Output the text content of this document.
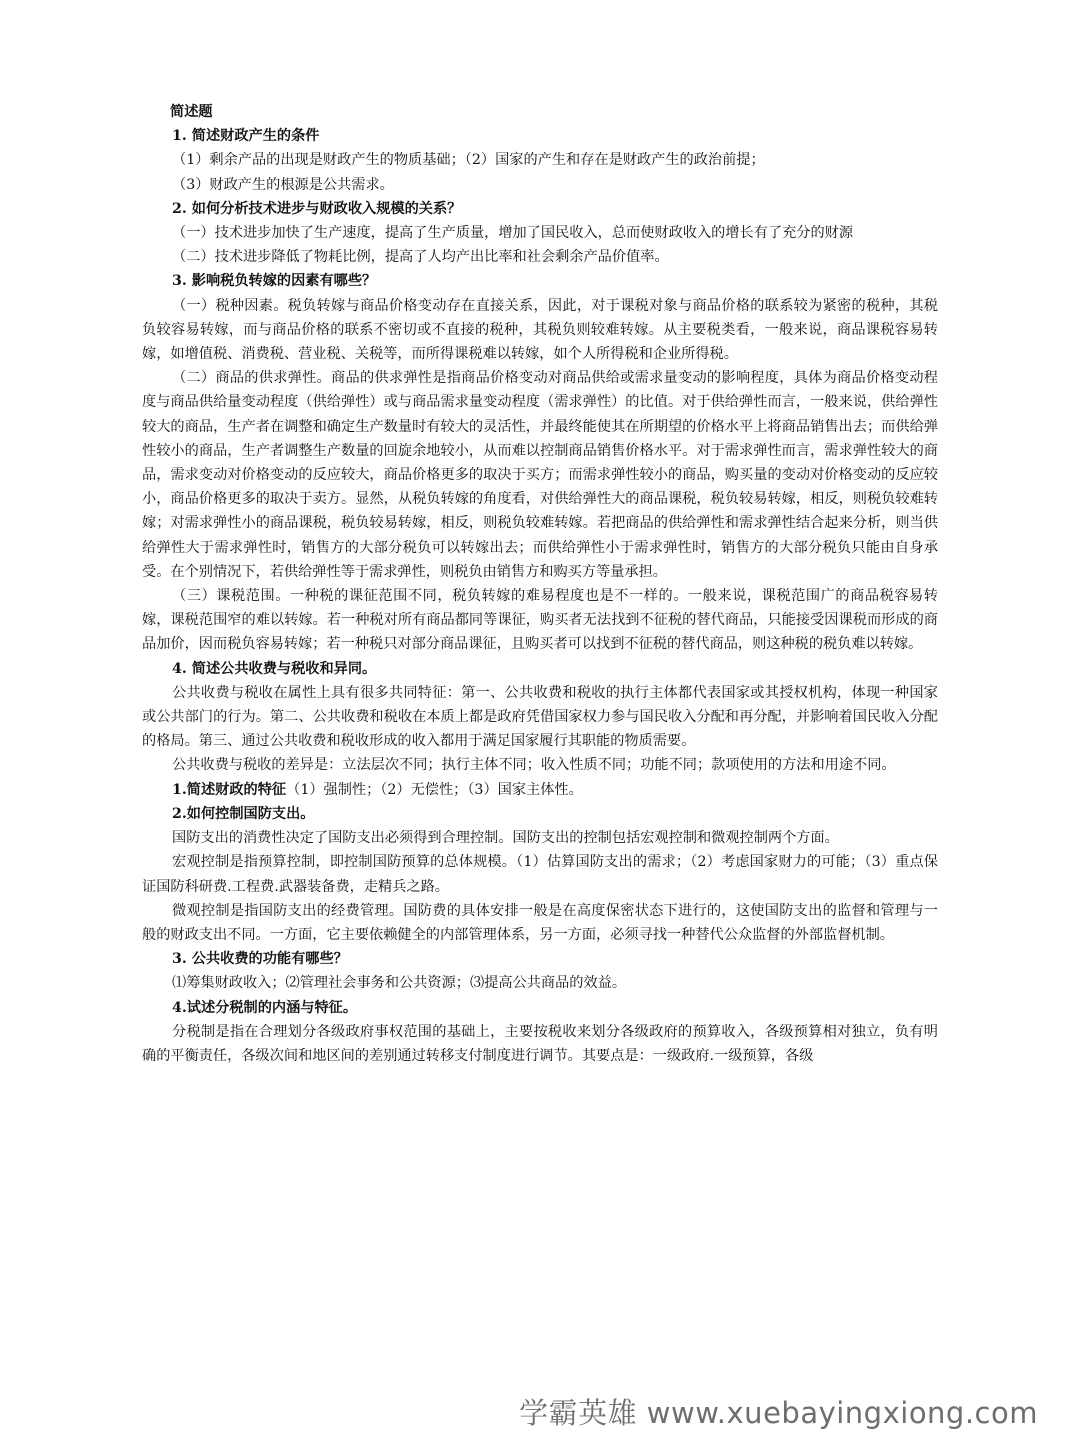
简述题

1. 简述财政产生的条件

（1）剩余产品的出现是财政产生的物质基础；（2）国家的产生和存在是财政产生的政治前提；

（3）财政产生的根源是公共需求。

2. 如何分析技术进步与财政收入规模的关系？

（一）技术进步加快了生产速度，提高了生产质量，增加了国民收入，总而使财政收入的增长有了充分的财源

（二）技术进步降低了物耗比例，提高了人均产出比率和社会剩余产品价值率。

3. 影响税负转嫁的因素有哪些？

（一）税种因素。税负转嫁与商品价格变动存在直接关系，因此，对于课税对象与商品价格的联系较为紧密的税种，其税负较容易转嫁，而与商品价格的联系不密切或不直接的税种，其税负则较难转嫁。从主要税类看，一般来说，商品课税容易转嫁，如增值税、消费税、营业税、关税等，而所得课税难以转嫁，如个人所得税和企业所得税。

（二）商品的供求弹性。商品的供求弹性是指商品价格变动对商品供给或需求量变动的影响程度，具体为商品价格变动程度与商品供给量变动程度（供给弹性）或与商品需求量变动程度（需求弹性）的比值。对于供给弹性而言，一般来说，供给弹性较大的商品，生产者在调整和确定生产数量时有较大的灵活性，并最终能使其在所期望的价格水平上将商品销售出去；而供给弹性较小的商品，生产者调整生产数量的回旋余地较小，从而难以控制商品销售价格水平。对于需求弹性而言，需求弹性较大的商品，需求变动对价格变动的反应较大，商品价格更多的取决于买方；而需求弹性较小的商品，购买量的变动对价格变动的反应较小，商品价格更多的取决于卖方。显然，从税负转嫁的角度看，对供给弹性大的商品课税，税负较易转嫁，相反，则税负较难转嫁；对需求弹性小的商品课税，税负较易转嫁，相反，则税负较难转嫁。若把商品的供给弹性和需求弹性结合起来分析，则当供给弹性大于需求弹性时，销售方的大部分税负可以转嫁出去；而供给弹性小于需求弹性时，销售方的大部分税负只能由自身承受。在个别情况下，若供给弹性等于需求弹性，则税负由销售方和购买方等量承担。

（三）课税范围。一种税的课征范围不同，税负转嫁的难易程度也是不一样的。一般来说，课税范围广的商品税容易转嫁，课税范围窄的难以转嫁。若一种税对所有商品都同等课征，购买者无法找到不征税的替代商品，只能接受因课税而形成的商品加价，因而税负容易转嫁；若一种税只对部分商品课征，且购买者可以找到不征税的替代商品，则这种税的税负难以转嫁。

4. 简述公共收费与税收和异同。

公共收费与税收在属性上具有很多共同特征：第一、公共收费和税收的执行主体都代表国家或其授权机构，体现一种国家或公共部门的行为。第二、公共收费和税收在本质上都是政府凭借国家权力参与国民收入分配和再分配，并影响着国民收入分配的格局。第三、通过公共收费和税收形成的收入都用于满足国家履行其职能的物质需要。

公共收费与税收的差异是：立法层次不同；执行主体不同；收入性质不同；功能不同；款项使用的方法和用途不同。

1.简述财政的特征（1）强制性；（2）无偿性；（3）国家主体性。

2.如何控制国防支出。

国防支出的消费性决定了国防支出必须得到合理控制。国防支出的控制包括宏观控制和微观控制两个方面。

宏观控制是指预算控制，即控制国防预算的总体规模。（1）估算国防支出的需求；（2）考虑国家财力的可能；（3）重点保证国防科研费.工程费.武器装备费，走精兵之路。

微观控制是指国防支出的经费管理。国防费的具体安排一般是在高度保密状态下进行的，这使国防支出的监督和管理与一般的财政支出不同。一方面，它主要依赖健全的内部管理体系，另一方面，必须寻找一种替代公众监督的外部监督机制。

3. 公共收费的功能有哪些？

⑴筹集财政收入；⑵管理社会事务和公共资源；⑶提高公共商品的效益。

4.试述分税制的内涵与特征。

分税制是指在合理划分各级政府事权范围的基础上，主要按税收来划分各级政府的预算收入，各级预算相对独立，负有明确的平衡责任，各级次间和地区间的差别通过转移支付制度进行调节。其要点是：一级政府.一级预算，各级

学霸英雄 www.xuebayingxiong.com
